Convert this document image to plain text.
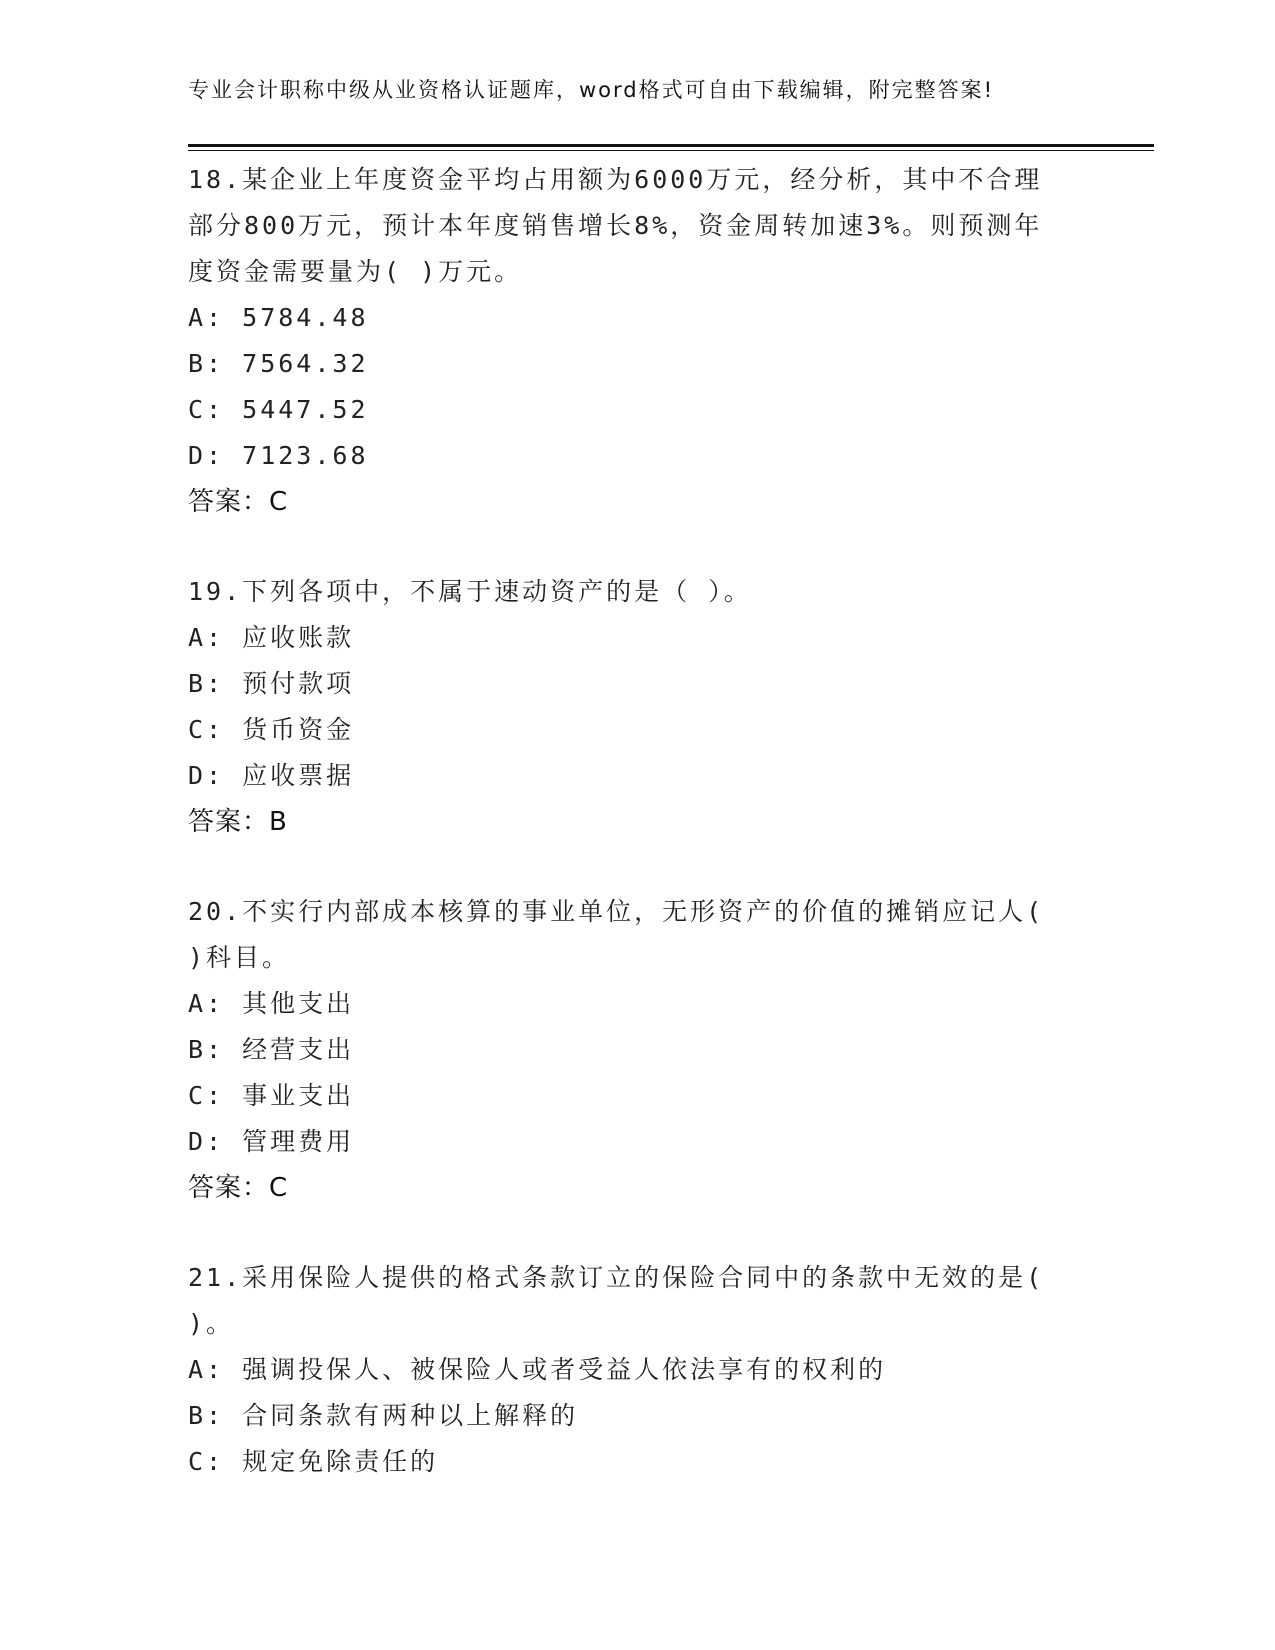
专业会计职称中级从业资格认证题库，word格式可自由下载编辑，附完整答案!
18.某企业上年度资金平均占用额为6000万元，经分析，其中不合理
部分800万元，预计本年度销售增长8%，资金周转加速3%。则预测年
度资金需要量为( )万元。
A: 5784.48
B: 7564.32
C: 5447.52
D: 7123.68
答案：C
19.下列各项中，不属于速动资产的是（ ）。
A: 应收账款
B: 预付款项
C: 货币资金
D: 应收票据
答案：B
20.不实行内部成本核算的事业单位，无形资产的价值的摊销应记人(
)科目。
A: 其他支出
B: 经营支出
C: 事业支出
D: 管理费用
答案：C
21.采用保险人提供的格式条款订立的保险合同中的条款中无效的是(
)。
A: 强调投保人、被保险人或者受益人依法享有的权利的
B: 合同条款有两种以上解释的
C: 规定免除责任的
